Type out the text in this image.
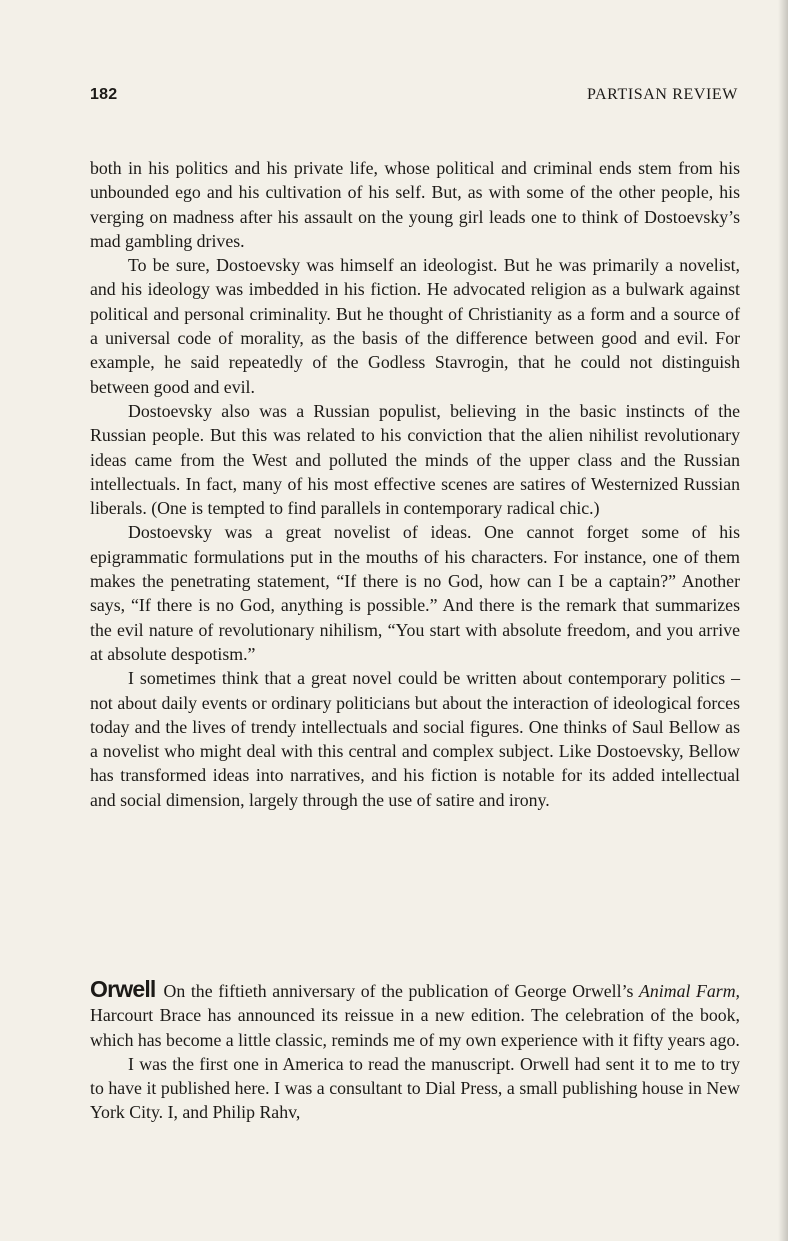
182	PARTISAN REVIEW

both in his politics and his private life, whose political and criminal ends stem from his unbounded ego and his cultivation of his self. But, as with some of the other people, his verging on madness after his assault on the young girl leads one to think of Dostoevsky’s mad gambling drives.

To be sure, Dostoevsky was himself an ideologist. But he was primarily a novelist, and his ideology was imbedded in his fiction. He advocated religion as a bulwark against political and personal criminality. But he thought of Christianity as a form and a source of a universal code of morality, as the basis of the difference between good and evil. For example, he said repeatedly of the Godless Stavrogin, that he could not distinguish between good and evil.

Dostoevsky also was a Russian populist, believing in the basic instincts of the Russian people. But this was related to his conviction that the alien nihilist revolutionary ideas came from the West and polluted the minds of the upper class and the Russian intellectuals. In fact, many of his most effective scenes are satires of Westernized Russian liberals. (One is tempted to find parallels in contemporary radical chic.)

Dostoevsky was a great novelist of ideas. One cannot forget some of his epigrammatic formulations put in the mouths of his characters. For instance, one of them makes the penetrating statement, “If there is no God, how can I be a captain?” Another says, “If there is no God, anything is possible.” And there is the remark that summarizes the evil nature of revolutionary nihilism, “You start with absolute freedom, and you arrive at absolute despotism.”

I sometimes think that a great novel could be written about contemporary politics – not about daily events or ordinary politicians but about the interaction of ideological forces today and the lives of trendy intellectuals and social figures. One thinks of Saul Bellow as a novelist who might deal with this central and complex subject. Like Dostoevsky, Bellow has transformed ideas into narratives, and his fiction is notable for its added intellectual and social dimension, largely through the use of satire and irony.

Orwell On the fiftieth anniversary of the publication of George Orwell’s Animal Farm, Harcourt Brace has announced its reissue in a new edition. The celebration of the book, which has become a little classic, reminds me of my own experience with it fifty years ago.

I was the first one in America to read the manuscript. Orwell had sent it to me to try to have it published here. I was a consultant to Dial Press, a small publishing house in New York City. I, and Philip Rahv,
